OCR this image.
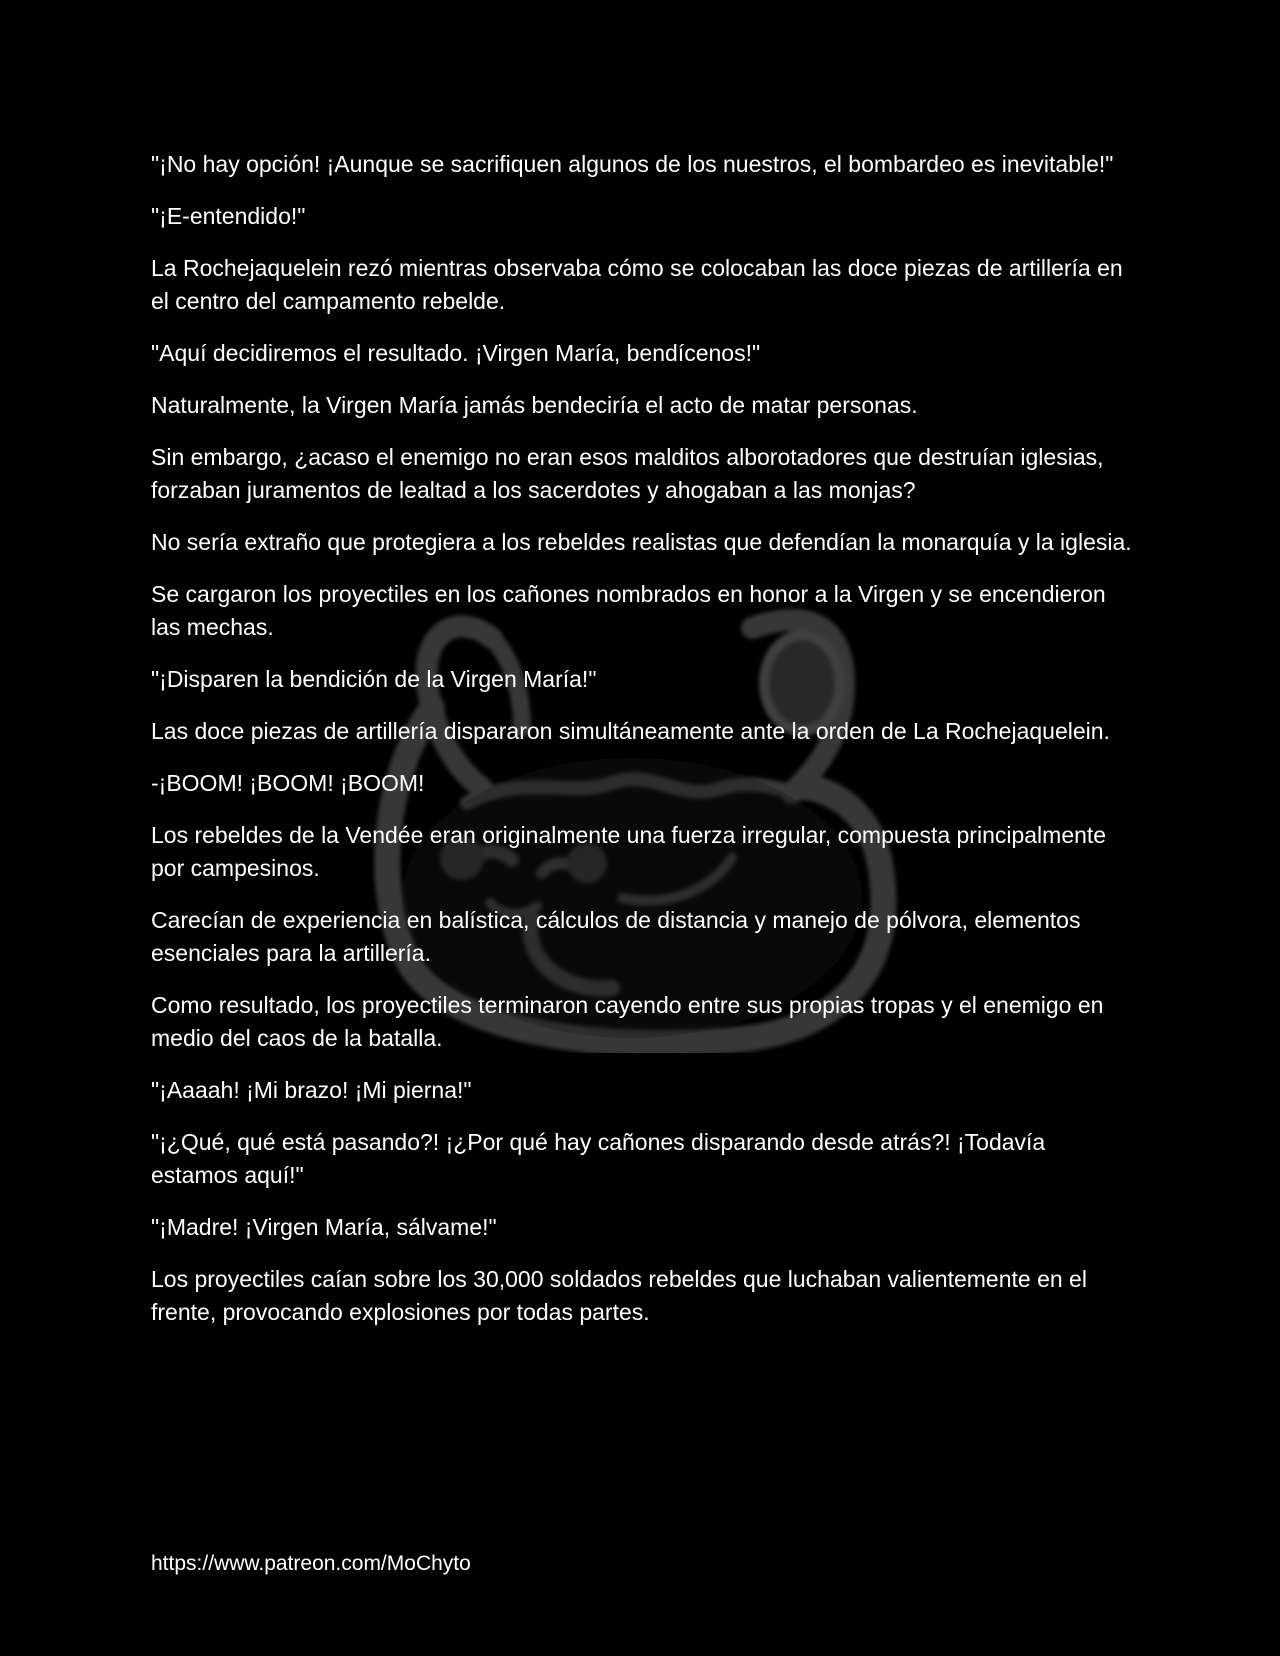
"¡No hay opción! ¡Aunque se sacrifiquen algunos de los nuestros, el bombardeo es inevitable!"

"¡E-entendido!"

La Rochejaquelein rezó mientras observaba cómo se colocaban las doce piezas de artillería en el centro del campamento rebelde.

"Aquí decidiremos el resultado. ¡Virgen María, bendícenos!"

Naturalmente, la Virgen María jamás bendeciría el acto de matar personas.

Sin embargo, ¿acaso el enemigo no eran esos malditos alborotadores que destruían iglesias, forzaban juramentos de lealtad a los sacerdotes y ahogaban a las monjas?

No sería extraño que protegiera a los rebeldes realistas que defendían la monarquía y la iglesia.

Se cargaron los proyectiles en los cañones nombrados en honor a la Virgen y se encendieron las mechas.

"¡Disparen la bendición de la Virgen María!"

Las doce piezas de artillería dispararon simultáneamente ante la orden de La Rochejaquelein.

-¡BOOM! ¡BOOM! ¡BOOM!

Los rebeldes de la Vendée eran originalmente una fuerza irregular, compuesta principalmente por campesinos.

Carecían de experiencia en balística, cálculos de distancia y manejo de pólvora, elementos esenciales para la artillería.

Como resultado, los proyectiles terminaron cayendo entre sus propias tropas y el enemigo en medio del caos de la batalla.

"¡Aaaah! ¡Mi brazo! ¡Mi pierna!"

"¡¿Qué, qué está pasando?! ¡¿Por qué hay cañones disparando desde atrás?! ¡Todavía estamos aquí!"

"¡Madre! ¡Virgen María, sálvame!"

Los proyectiles caían sobre los 30,000 soldados rebeldes que luchaban valientemente en el frente, provocando explosiones por todas partes.

https://www.patreon.com/MoChyto
